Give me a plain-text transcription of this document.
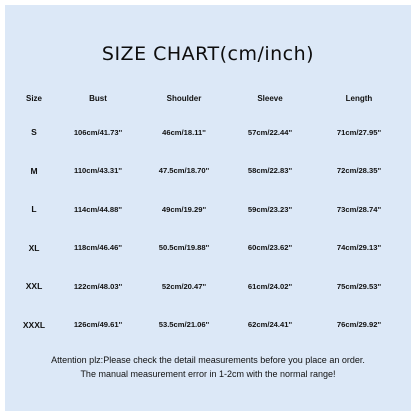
SIZE CHART(cm/inch)
Size	Bust	Shoulder	Sleeve	Length
S	106cm/41.73''	46cm/18.11''	57cm/22.44''	71cm/27.95''
M	110cm/43.31''	47.5cm/18.70''	58cm/22.83''	72cm/28.35''
L	114cm/44.88''	49cm/19.29''	59cm/23.23''	73cm/28.74''
XL	118cm/46.46''	50.5cm/19.88''	60cm/23.62''	74cm/29.13''
XXL	122cm/48.03''	52cm/20.47''	61cm/24.02''	75cm/29.53''
XXXL	126cm/49.61''	53.5cm/21.06''	62cm/24.41''	76cm/29.92''
Attention plz:Please check the detail measurements before you place an order.
The manual measurement error in 1-2cm with the normal range!
